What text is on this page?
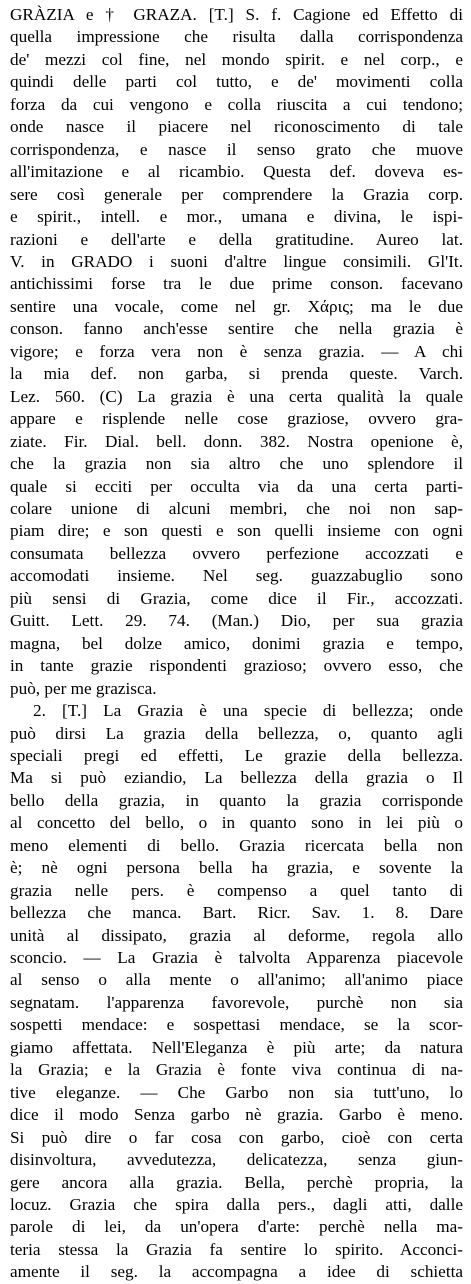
GRÀZIA e † GRAZA. [T.] S. f. Cagione ed Effetto di
quella impressione che risulta dalla corrispondenza
de' mezzi col fine, nel mondo spirit. e nel corp., e
quindi delle parti col tutto, e de' movimenti colla
forza da cui vengono e colla riuscita a cui tendono;
onde nasce il piacere nel riconoscimento di tale
corrispondenza, e nasce il senso grato che muove
all'imitazione e al ricambio. Questa def. doveva es-
sere così generale per comprendere la Grazia corp.
e spirit., intell. e mor., umana e divina, le ispi-
razioni e dell'arte e della gratitudine. Aureo lat.
V. in GRADO i suoni d'altre lingue consimili. Gl'It.
antichissimi forse tra le due prime conson. facevano
sentire una vocale, come nel gr. Χάρις; ma le due
conson. fanno anch'esse sentire che nella grazia è
vigore; e forza vera non è senza grazia. — A chi
la mia def. non garba, si prenda queste. Varch.
Lez. 560. (C) La grazia è una certa qualità la quale
appare e risplende nelle cose graziose, ovvero gra-
ziate. Fir. Dial. bell. donn. 382. Nostra openione è,
che la grazia non sia altro che uno splendore il
quale si ecciti per occulta via da una certa parti-
colare unione di alcuni membri, che noi non sap-
piam dire; e son questi e son quelli insieme con ogni
consumata bellezza ovvero perfezione accozzati e
accomodati insieme. Nel seg. guazzabuglio sono
più sensi di Grazia, come dice il Fir., accozzati.
Guitt. Lett. 29. 74. (Man.) Dio, per sua grazia
magna, bel dolze amico, donimi grazia e tempo,
in tante grazie rispondenti grazioso; ovvero esso, che
può, per me grazisca.
2. [T.] La Grazia è una specie di bellezza; onde
può dirsi La grazia della bellezza, o, quanto agli
speciali pregi ed effetti, Le grazie della bellezza.
Ma si può eziandio, La bellezza della grazia o Il
bello della grazia, in quanto la grazia corrisponde
al concetto del bello, o in quanto sono in lei più o
meno elementi di bello. Grazia ricercata bella non
è; nè ogni persona bella ha grazia, e sovente la
grazia nelle pers. è compenso a quel tanto di
bellezza che manca. Bart. Ricr. Sav. 1. 8. Dare
unità al dissipato, grazia al deforme, regola allo
sconcio. — La Grazia è talvolta Apparenza piacevole
al senso o alla mente o all'animo; all'animo piace
segnatam. l'apparenza favorevole, purchè non sia
sospetti mendace: e sospettasi mendace, se la scor-
giamo affettata. Nell'Eleganza è più arte; da natura
la Grazia; e la Grazia è fonte viva continua di na-
tive eleganze. — Che Garbo non sia tutt'uno, lo
dice il modo Senza garbo nè grazia. Garbo è meno.
Si può dire o far cosa con garbo, cioè con certa
disinvoltura, avvedutezza, delicatezza, senza giun-
gere ancora alla grazia. Bella, perchè propria, la
locuz. Grazia che spira dalla pers., dagli atti, dalle
parole di lei, da un'opera d'arte: perchè nella ma-
teria stessa la Grazia fa sentire lo spirito. Acconci-
amente il seg. la accompagna a idee di schietta
